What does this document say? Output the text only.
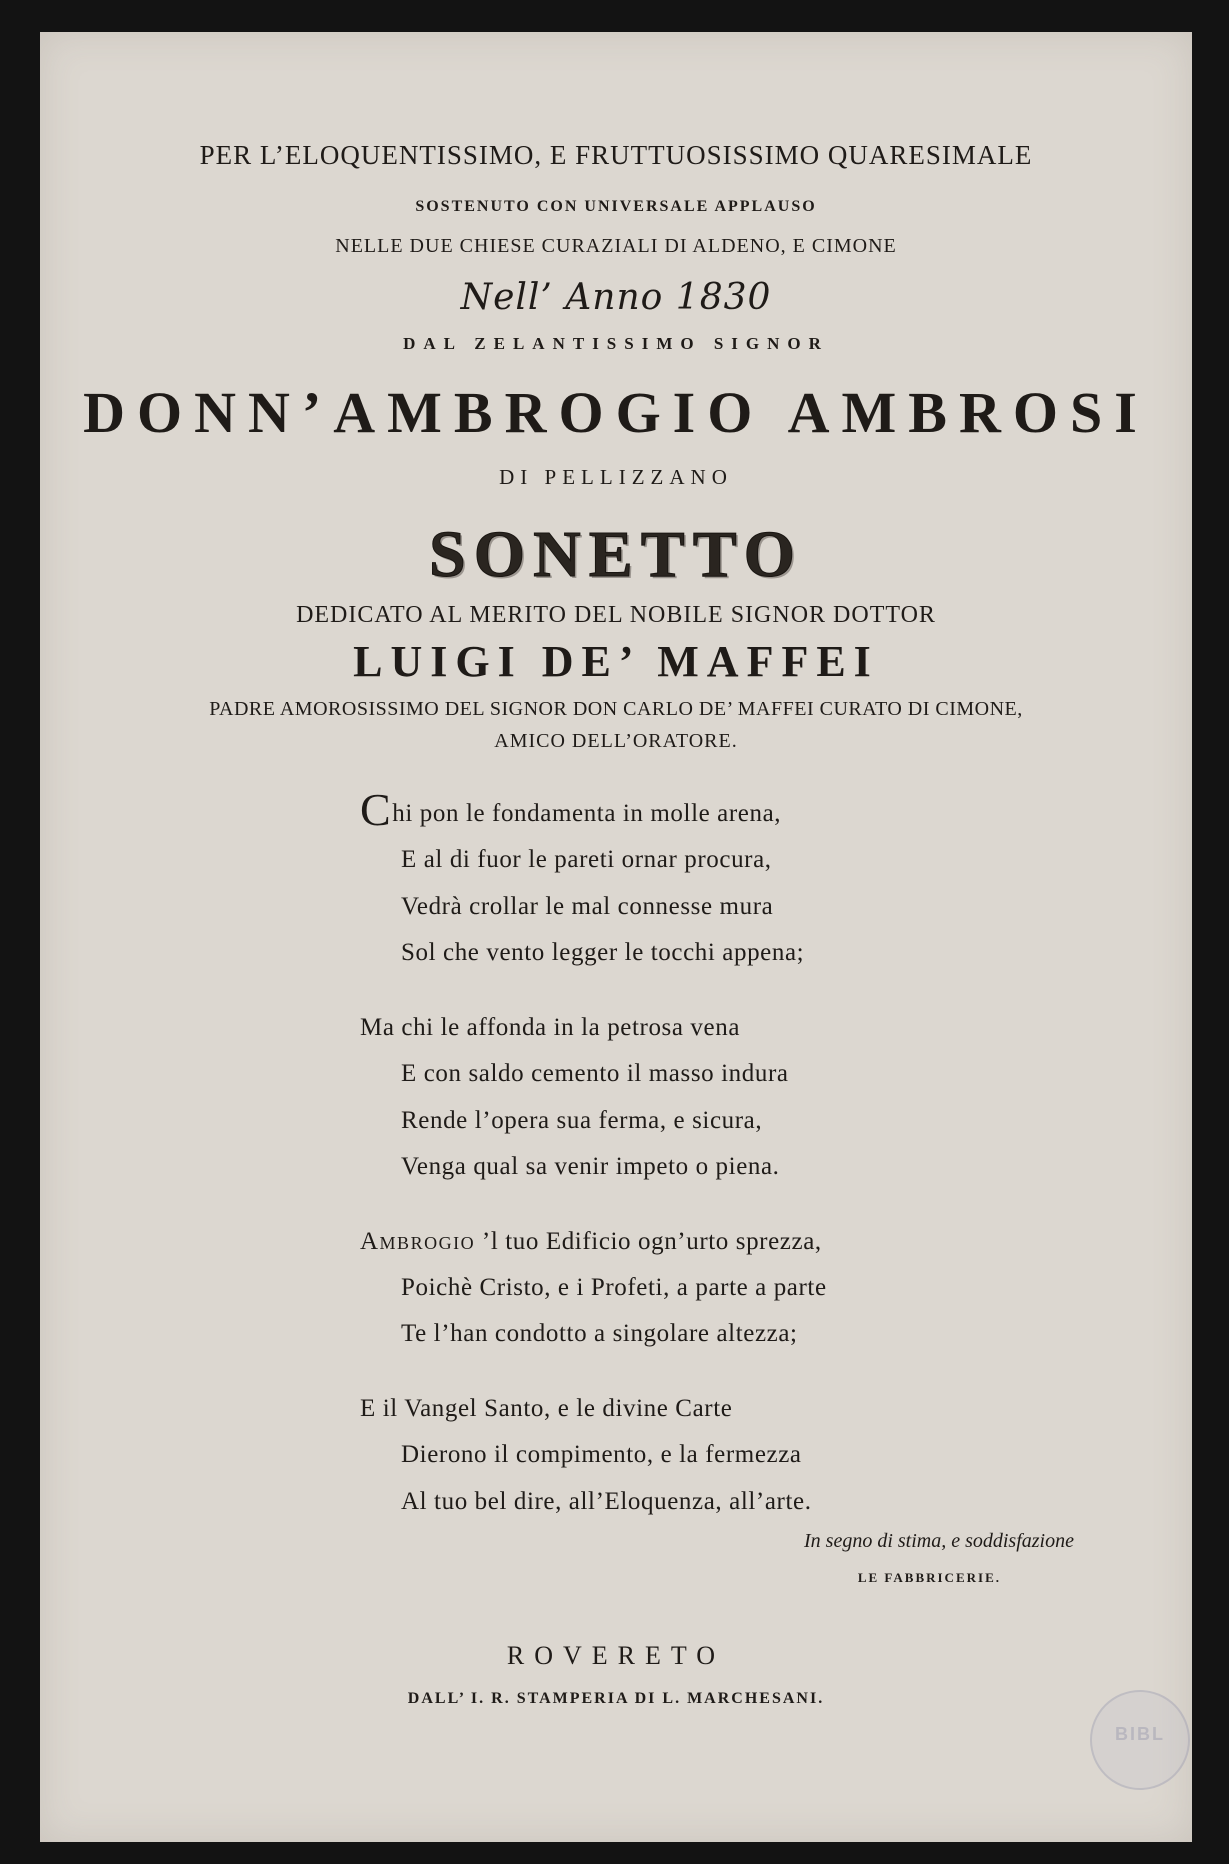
PER L’ELOQUENTISSIMO, E FRUTTUOSISSIMO QUARESIMALE
SOSTENUTO CON UNIVERSALE APPLAUSO
NELLE DUE CHIESE CURAZIALI DI ALDENO, E CIMONE
Nell’ Anno 1830
DAL ZELANTISSIMO SIGNOR
DONN’AMBROGIO AMBROSI
DI PELLIZZANO
SONETTO
DEDICATO AL MERITO DEL NOBILE SIGNOR DOTTOR
LUIGI DE’ MAFFEI
PADRE AMOROSISSIMO DEL SIGNOR DON CARLO DE’ MAFFEI CURATO DI CIMONE,
AMICO DELL’ORATORE.
Chi pon le fondamenta in molle arena,
E al di fuor le pareti ornar procura,
Vedrà crollar le mal connesse mura
Sol che vento legger le tocchi appena;
Ma chi le affonda in la petrosa vena
E con saldo cemento il masso indura
Rende l’opera sua ferma, e sicura,
Venga qual sa venir impeto o piena.
Ambrogio ’l tuo Edificio ogn’urto sprezza,
Poichè Cristo, e i Profeti, a parte a parte
Te l’han condotto a singolare altezza;
E il Vangel Santo, e le divine Carte
Dierono il compimento, e la fermezza
Al tuo bel dire, all’Eloquenza, all’arte.
In segno di stima, e soddisfazione
LE FABBRICERIE.
ROVERETO
DALL’ I. R. STAMPERIA DI L. MARCHESANI.
BIBL
